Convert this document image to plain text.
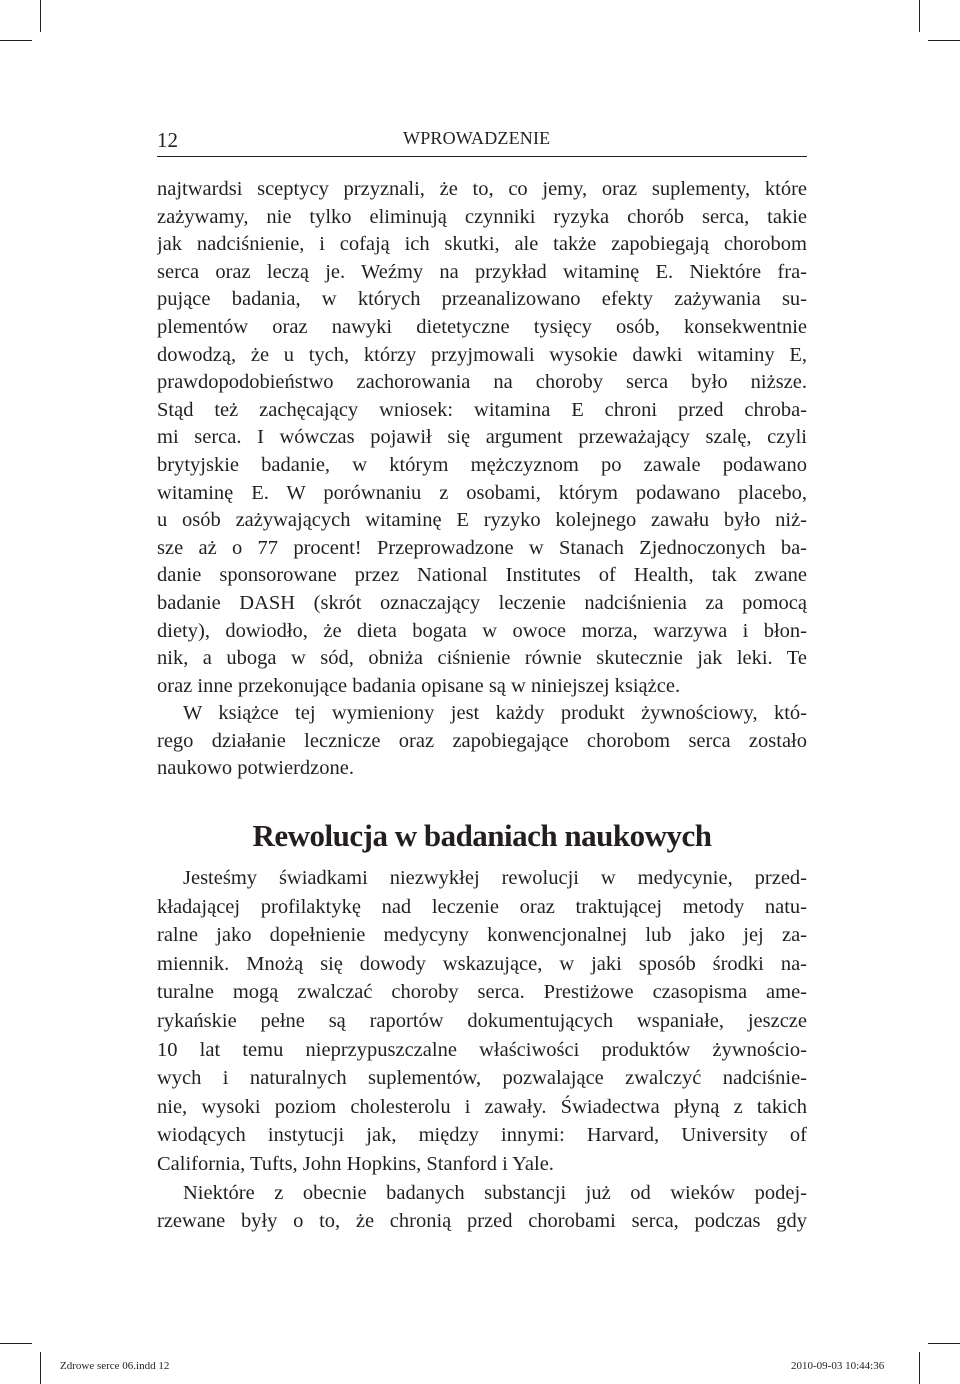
12	WPROWADZENIE
najtwardsi sceptycy przyznali, że to, co jemy, oraz suplementy, które
zażywamy, nie tylko eliminują czynniki ryzyka chorób serca, takie
jak nadciśnienie, i cofają ich skutki, ale także zapobiegają chorobom
serca oraz leczą je. Weźmy na przykład witaminę E. Niektóre fra-
pujące badania, w których przeanalizowano efekty zażywania su-
plementów oraz nawyki dietetyczne tysięcy osób, konsekwentnie
dowodzą, że u tych, którzy przyjmowali wysokie dawki witaminy E,
prawdopodobieństwo zachorowania na choroby serca było niższe.
Stąd też zachęcający wniosek: witamina E chroni przed chroba-
mi serca. I wówczas pojawił się argument przeważający szalę, czyli
brytyjskie badanie, w którym mężczyznom po zawale podawano
witaminę E. W porównaniu z osobami, którym podawano placebo,
u osób zażywających witaminę E ryzyko kolejnego zawału było niż-
sze aż o 77 procent! Przeprowadzone w Stanach Zjednoczonych ba-
danie sponsorowane przez National Institutes of Health, tak zwane
badanie DASH (skrót oznaczający leczenie nadciśnienia za pomocą
diety), dowiodło, że dieta bogata w owoce morza, warzywa i błon-
nik, a uboga w sód, obniża ciśnienie równie skutecznie jak leki. Te
oraz inne przekonujące badania opisane są w niniejszej książce.
W książce tej wymieniony jest każdy produkt żywnościowy, któ-
rego działanie lecznicze oraz zapobiegające chorobom serca zostało
naukowo potwierdzone.
Rewolucja w badaniach naukowych
Jesteśmy świadkami niezwykłej rewolucji w medycynie, przed-
kładającej profilaktykę nad leczenie oraz traktującej metody natu-
ralne jako dopełnienie medycyny konwencjonalnej lub jako jej za-
miennik. Mnożą się dowody wskazujące, w jaki sposób środki na-
turalne mogą zwalczać choroby serca. Prestiżowe czasopisma ame-
rykańskie pełne są raportów dokumentujących wspaniałe, jeszcze
10 lat temu nieprzypuszczalne właściwości produktów żywnościo-
wych i naturalnych suplementów, pozwalające zwalczyć nadciśnie-
nie, wysoki poziom cholesterolu i zawały. Świadectwa płyną z takich
wiodących instytucji jak, między innymi: Harvard, University of
California, Tufts, John Hopkins, Stanford i Yale.
Niektóre z obecnie badanych substancji już od wieków podej-
rzewane były o to, że chronią przed chorobami serca, podczas gdy
Zdrowe serce 06.indd 12	2010-09-03 10:44:36
